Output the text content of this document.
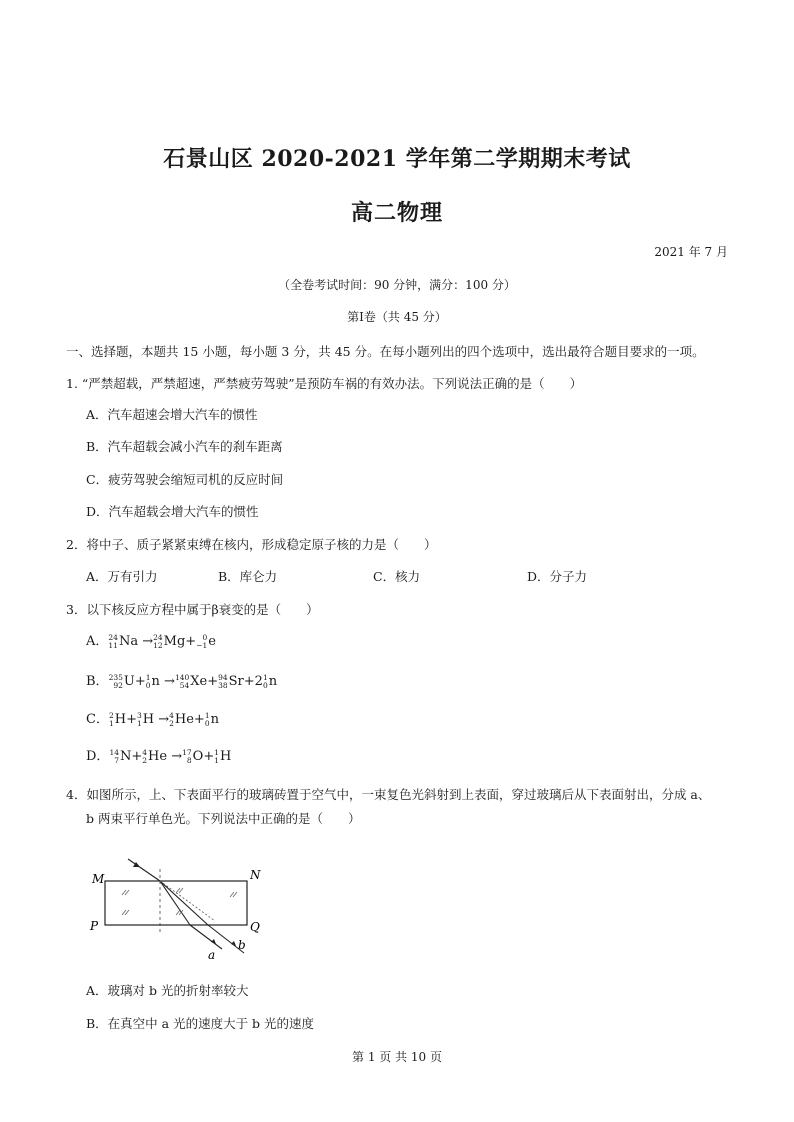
石景山区 2020-2021 学年第二学期期末考试
高二物理
2021 年 7 月
（全卷考试时间：90 分钟，满分：100 分）
第Ⅰ卷（共 45 分）
一、选择题，本题共 15 小题，每小题 3 分，共 45 分。在每小题列出的四个选项中，选出最符合题目要求的一项。
1. “严禁超载，严禁超速，严禁疲劳驾驶”是预防车祸的有效办法。下列说法正确的是（　　）
A．汽车超速会增大汽车的惯性
B．汽车超载会减小汽车的刹车距离
C．疲劳驾驶会缩短司机的反应时间
D．汽车超载会增大汽车的惯性
2．将中子、质子紧紧束缚在核内，形成稳定原子核的力是（　　）
A．万有引力	B．库仑力	C．核力	D．分子力
3．以下核反应方程中属于β衰变的是（　　）
A． 24
11 Na → 24
12 Mg+ 0
−1 e
B． 235
92 U+ 1
0 n → 140
54 Xe+ 94
38 Sr+2 1
0 n
C． 2
1 H+ 3
1 H → 4
2 He+ 1
0 n
D． 14
7 N+ 4
2 He → 17
8 O+ 1
1 H
4．如图所示，上、下表面平行的玻璃砖置于空气中，一束复色光斜射到上表面，穿过玻璃后从下表面射出，分成 a、
b 两束平行单色光。下列说法中正确的是（　　）
M	N
P	Q
a
b
A．玻璃对 b 光的折射率较大
B．在真空中 a 光的速度大于 b 光的速度
第 1 页 共 10 页
